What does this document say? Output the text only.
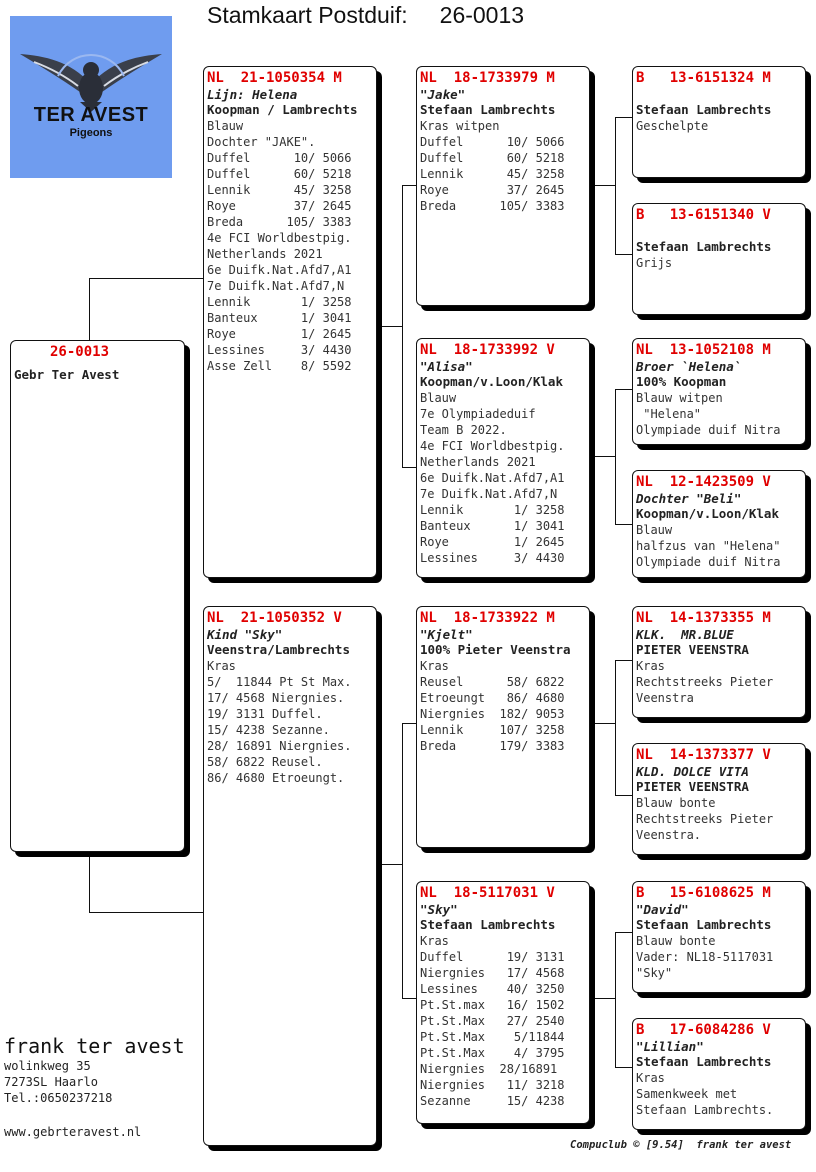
Stamkaart Postduif:     26-0013
TER AVEST
Pigeons
26-0013
Gebr Ter Avest
NL  21-1050354 M
Lijn: Helena
Koopman / Lambrechts
Blauw
Dochter "JAKE".
Duffel      10/ 5066
Duffel      60/ 5218
Lennik      45/ 3258
Roye        37/ 2645
Breda      105/ 3383
4e FCI Worldbestpig.
Netherlands 2021
6e Duifk.Nat.Afd7,A1
7e Duifk.Nat.Afd7,N
Lennik       1/ 3258
Banteux      1/ 3041
Roye         1/ 2645
Lessines     3/ 4430
Asse Zell    8/ 5592
NL  21-1050352 V
Kind "Sky"
Veenstra/Lambrechts
Kras
5/  11844 Pt St Max.
17/ 4568 Niergnies.
19/ 3131 Duffel.
15/ 4238 Sezanne.
28/ 16891 Niergnies.
58/ 6822 Reusel.
86/ 4680 Etroeungt.
NL  18-1733979 M
"Jake"
Stefaan Lambrechts
Kras witpen
Duffel      10/ 5066
Duffel      60/ 5218
Lennik      45/ 3258
Roye        37/ 2645
Breda      105/ 3383
NL  18-1733992 V
"Alisa"
Koopman/v.Loon/Klak
Blauw
7e Olympiadeduif
Team B 2022.
4e FCI Worldbestpig.
Netherlands 2021
6e Duifk.Nat.Afd7,A1
7e Duifk.Nat.Afd7,N
Lennik       1/ 3258
Banteux      1/ 3041
Roye         1/ 2645
Lessines     3/ 4430
NL  18-1733922 M
"Kjelt"
100% Pieter Veenstra
Kras
Reusel      58/ 6822
Etroeungt   86/ 4680
Niergnies  182/ 9053
Lennik     107/ 3258
Breda      179/ 3383
NL  18-5117031 V
"Sky"
Stefaan Lambrechts
Kras
Duffel      19/ 3131
Niergnies   17/ 4568
Lessines    40/ 3250
Pt.St.max   16/ 1502
Pt.St.Max   27/ 2540
Pt.St.Max    5/11844
Pt.St.Max    4/ 3795
Niergnies  28/16891
Niergnies   11/ 3218
Sezanne     15/ 4238
B   13-6151324 M
Stefaan Lambrechts
Geschelpte
B   13-6151340 V
Stefaan Lambrechts
Grijs
NL  13-1052108 M
Broer `Helena`
100% Koopman
Blauw witpen
"Helena"
Olympiade duif Nitra
NL  12-1423509 V
Dochter "Beli"
Koopman/v.Loon/Klak
Blauw
halfzus van "Helena"
Olympiade duif Nitra
NL  14-1373355 M
KLK.  MR.BLUE
PIETER VEENSTRA
Kras
Rechtstreeks Pieter
Veenstra
NL  14-1373377 V
KLD. DOLCE VITA
PIETER VEENSTRA
Blauw bonte
Rechtstreeks Pieter
Veenstra.
B   15-6108625 M
"David"
Stefaan Lambrechts
Blauw bonte
Vader: NL18-5117031
"Sky"
B   17-6084286 V
"Lillian"
Stefaan Lambrechts
Kras
Samenkweek met
Stefaan Lambrechts.
frank ter avest
wolinkweg 35
7273SL Haarlo
Tel.:0650237218
www.gebrteravest.nl
Compuclub © [9.54]  frank ter avest
